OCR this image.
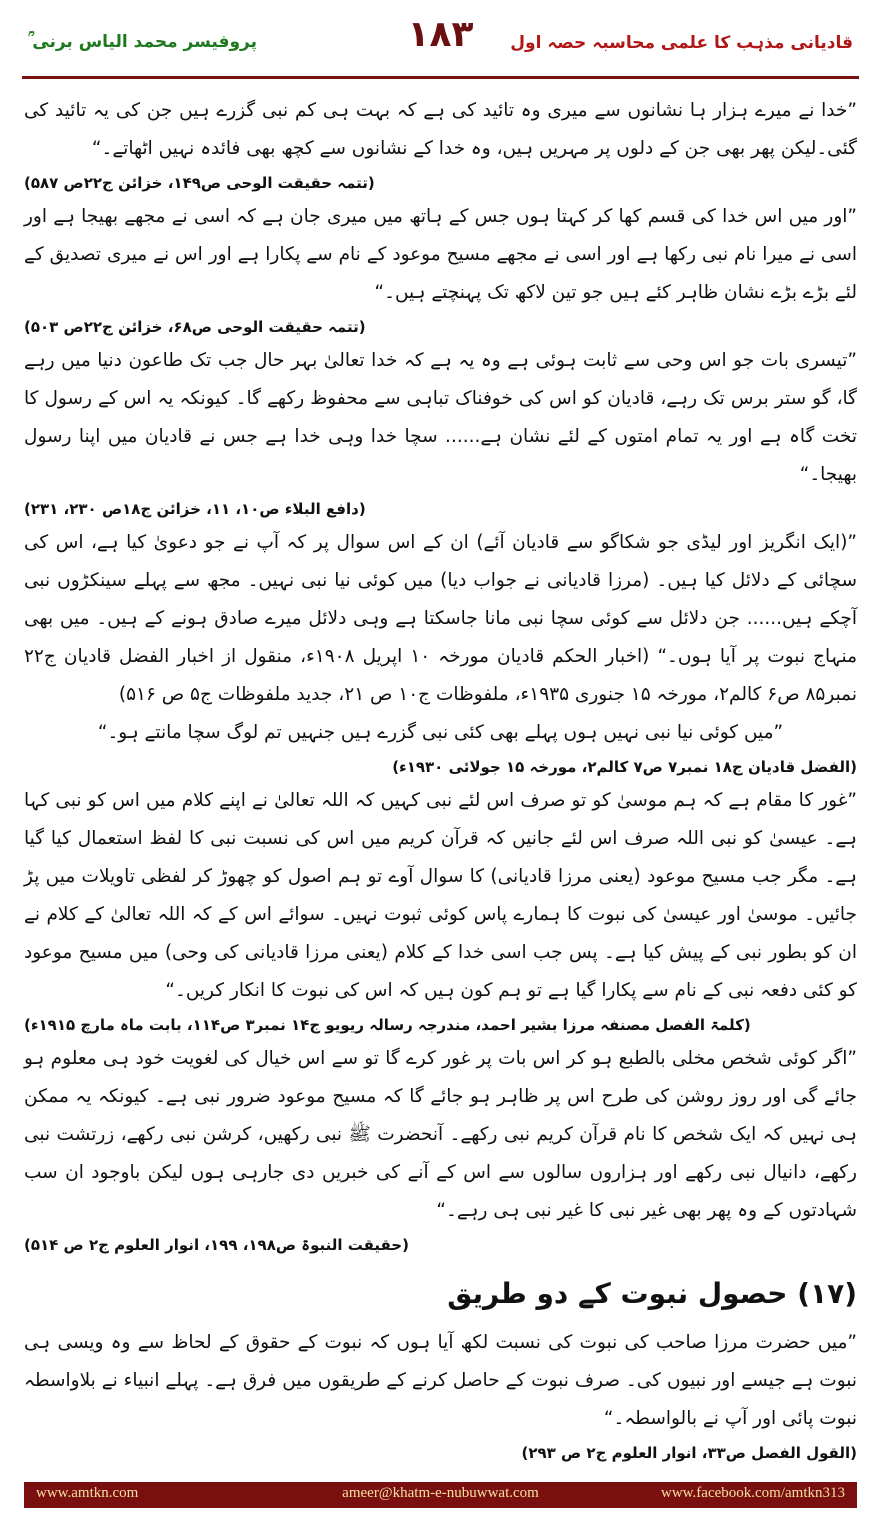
پروفیسر محمد الیاس برنی ؒ	۱۸۳	قادیانی مذہب کا علمی محاسبہ حصہ اول

”خدا نے میرے ہزار ہا نشانوں سے میری وہ تائید کی ہے کہ بہت ہی کم نبی گزرے ہیں جن کی یہ تائید کی گئی۔لیکن پھر بھی جن کے دلوں پر مہریں ہیں، وہ خدا کے نشانوں سے کچھ بھی فائدہ نہیں اٹھاتے۔“

(تتمہ حقیقت الوحی ص۱۴۹، خزائن ج۲۲ص ۵۸۷)

”اور میں اس خدا کی قسم کھا کر کہتا ہوں جس کے ہاتھ میں میری جان ہے کہ اسی نے مجھے بھیجا ہے اور اسی نے میرا نام نبی رکھا ہے اور اسی نے مجھے مسیح موعود کے نام سے پکارا ہے اور اس نے میری تصدیق کے لئے بڑے بڑے نشان ظاہر کئے ہیں جو تین لاکھ تک پہنچتے ہیں۔“

(تتمہ حقیقت الوحی ص۶۸، خزائن ج۲۲ص ۵۰۳)

”تیسری بات جو اس وحی سے ثابت ہوئی ہے وہ یہ ہے کہ خدا تعالیٰ بہر حال جب تک طاعون دنیا میں رہے گا، گو ستر برس تک رہے، قادیان کو اس کی خوفناک تباہی سے محفوظ رکھے گا۔ کیونکہ یہ اس کے رسول کا تخت گاہ ہے اور یہ تمام امتوں کے لئے نشان ہے...... سچا خدا وہی خدا ہے جس نے قادیان میں اپنا رسول بھیجا۔“

(دافع البلاء ص۱۰، ۱۱، خزائن ج۱۸ص ۲۳۰، ۲۳۱)

”(ایک انگریز اور لیڈی جو شکاگو سے قادیان آئے) ان کے اس سوال پر کہ آپ نے جو دعویٰ کیا ہے، اس کی سچائی کے دلائل کیا ہیں۔ (مرزا قادیانی نے جواب دیا) میں کوئی نیا نبی نہیں۔ مجھ سے پہلے سینکڑوں نبی آچکے ہیں...... جن دلائل سے کوئی سچا نبی مانا جاسکتا ہے وہی دلائل میرے صادق ہونے کے ہیں۔ میں بھی منہاج نبوت پر آیا ہوں۔“ (اخبار الحکم قادیان مورخہ ۱۰ اپریل ۱۹۰۸ء، منقول از اخبار الفضل قادیان ج۲۲ نمبر۸۵ ص۶ کالم۲، مورخہ ۱۵ جنوری ۱۹۳۵ء، ملفوظات ج۱۰ ص ۲۱، جدید ملفوظات ج۵ ص ۵۱۶)

”میں کوئی نیا نبی نہیں ہوں پہلے بھی کئی نبی گزرے ہیں جنہیں تم لوگ سچا مانتے ہو۔“

(الفضل قادیان ج۱۸ نمبر۷ ص۷ کالم۲، مورخہ ۱۵ جولائی ۱۹۳۰ء)

”غور کا مقام ہے کہ ہم موسیٰ کو تو صرف اس لئے نبی کہیں کہ اللہ تعالیٰ نے اپنے کلام میں اس کو نبی کہا ہے۔ عیسیٰ کو نبی اللہ صرف اس لئے جانیں کہ قرآن کریم میں اس کی نسبت نبی کا لفظ استعمال کیا گیا ہے۔ مگر جب مسیح موعود (یعنی مرزا قادیانی) کا سوال آوے تو ہم اصول کو چھوڑ کر لفظی تاویلات میں پڑ جائیں۔ موسیٰ اور عیسیٰ کی نبوت کا ہمارے پاس کوئی ثبوت نہیں۔ سوائے اس کے کہ اللہ تعالیٰ کے کلام نے ان کو بطور نبی کے پیش کیا ہے۔ پس جب اسی خدا کے کلام (یعنی مرزا قادیانی کی وحی) میں مسیح موعود کو کئی دفعہ نبی کے نام سے پکارا گیا ہے تو ہم کون ہیں کہ اس کی نبوت کا انکار کریں۔“

(کلمۃ الفصل مصنفہ مرزا بشیر احمد، مندرجہ رسالہ ریویو ج۱۴ نمبر۳ ص۱۱۴، بابت ماہ مارچ ۱۹۱۵ء)

”اگر کوئی شخص مخلی بالطبع ہو کر اس بات پر غور کرے گا تو سے اس خیال کی لغویت خود ہی معلوم ہو جائے گی اور روز روشن کی طرح اس پر ظاہر ہو جائے گا کہ مسیح موعود ضرور نبی ہے۔ کیونکہ یہ ممکن ہی نہیں کہ ایک شخص کا نام قرآن کریم نبی رکھے۔ آنحضرت ﷺ نبی رکھیں، کرشن نبی رکھے، زرتشت نبی رکھے، دانیال نبی رکھے اور ہزاروں سالوں سے اس کے آنے کی خبریں دی جارہی ہوں لیکن باوجود ان سب شہادتوں کے وہ پھر بھی غیر نبی کا غیر نبی ہی رہے۔“

(حقیقت النبوۃ ص۱۹۸، ۱۹۹، انوار العلوم ج۲ ص ۵۱۴)
(۱۷) حصول نبوت کے دو طریق

”میں حضرت مرزا صاحب کی نبوت کی نسبت لکھ آیا ہوں کہ نبوت کے حقوق کے لحاظ سے وہ ویسی ہی نبوت ہے جیسے اور نبیوں کی۔ صرف نبوت کے حاصل کرنے کے طریقوں میں فرق ہے۔ پہلے انبیاء نے بلاواسطہ نبوت پائی اور آپ نے بالواسطہ۔“

(القول الفصل ص۳۳، انوار العلوم ج۲ ص ۲۹۳)
www.amtkn.com	ameer@khatm-e-nubuwwat.com	www.facebook.com/amtkn313
